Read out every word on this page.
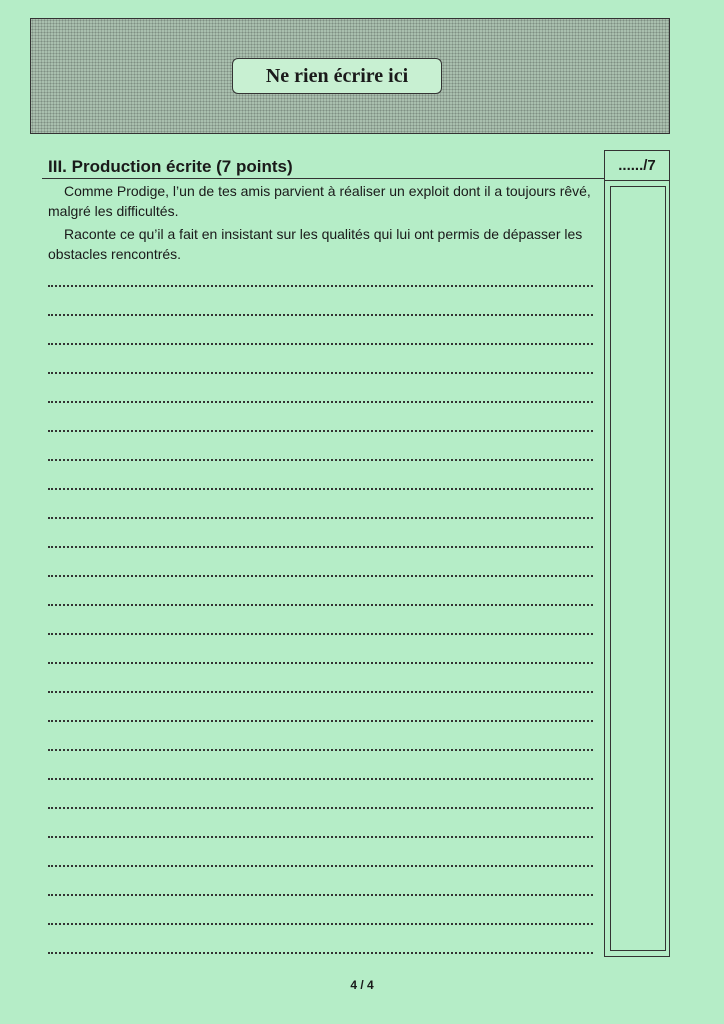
Ne rien écrire ici
III. Production écrite (7 points)	....../7
Comme Prodige, l’un de tes amis parvient à réaliser un exploit dont il a toujours rêvé, malgré les difficultés.
Raconte ce qu’il a fait en insistant sur les qualités qui lui ont permis de dépasser les obstacles rencontrés.
4 / 4
